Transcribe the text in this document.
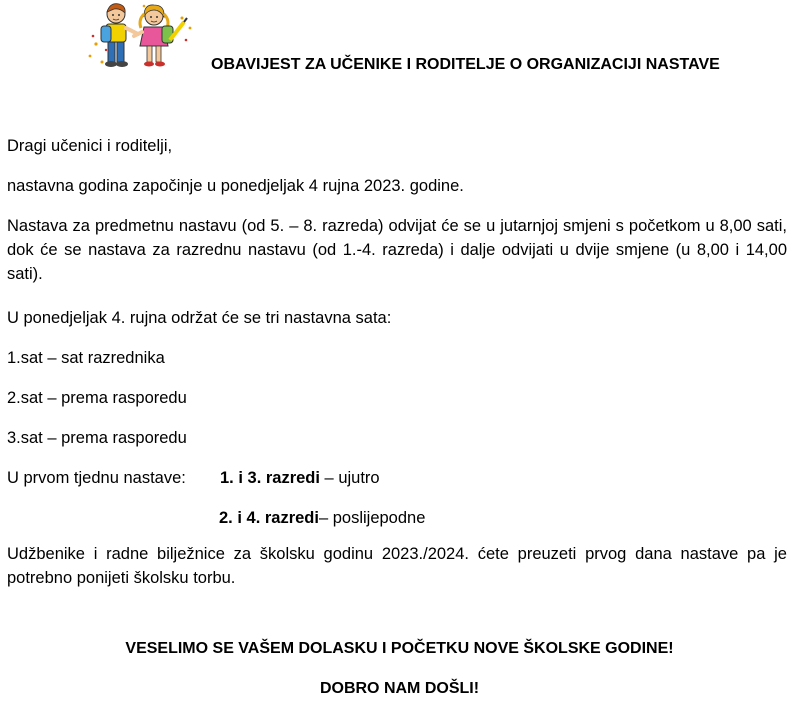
OBAVIJEST ZA UČENIKE I RODITELJE O ORGANIZACIJI NASTAVE
Dragi učenici i roditelji,
nastavna godina započinje u ponedjeljak 4 rujna 2023. godine.
Nastava za predmetnu nastavu (od 5. – 8. razreda) odvijat će se u jutarnjoj smjeni s početkom u 8,00 sati, dok će se nastava za razrednu nastavu (od 1.-4. razreda) i dalje odvijati u dvije smjene (u 8,00 i 14,00 sati).
U ponedjeljak 4. rujna održat će se tri nastavna sata:
1.sat – sat razrednika
2.sat – prema rasporedu
3.sat – prema rasporedu
U prvom tjednu nastave: 1. i 3. razredi – ujutro
2. i 4. razredi– poslijepodne
Udžbenike i radne bilježnice za školsku godinu 2023./2024. ćete preuzeti prvog dana nastave pa je potrebno ponijeti školsku torbu.
VESELIMO SE VAŠEM DOLASKU I POČETKU NOVE ŠKOLSKE GODINE!
DOBRO NAM DOŠLI!
